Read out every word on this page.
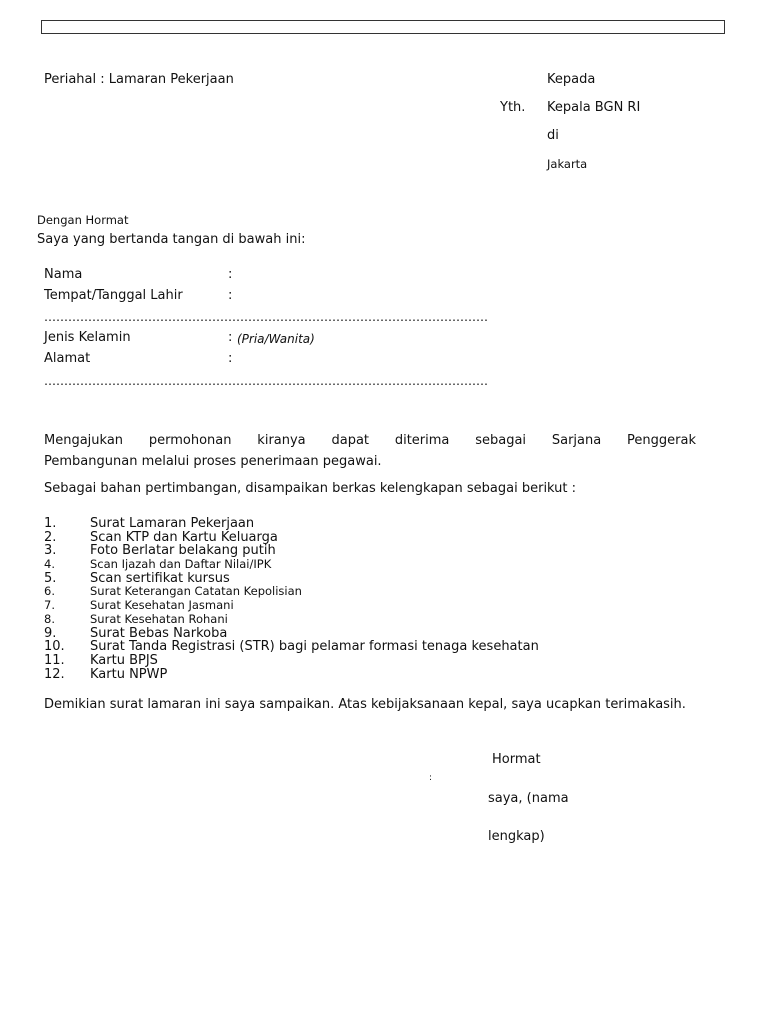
Periahal : Lamaran Pekerjaan	Kepada
Yth. Kepala BGN RI
di
Jakarta
Dengan Hormat
Saya yang bertanda tangan di bawah ini:
Nama	:
Tempat/Tanggal Lahir	:
…………………………………………………………………………………………………
Jenis Kelamin	: (Pria/Wanita)
Alamat	:
…………………………………………………………………………………………………
Mengajukan permohonan kiranya dapat diterima sebagai Sarjana Penggerak
Pembangunan melalui proses penerimaan pegawai.
Sebagai bahan pertimbangan, disampaikan berkas kelengkapan sebagai berikut :
1.	Surat Lamaran Pekerjaan
2.	Scan KTP dan Kartu Keluarga
3.	Foto Berlatar belakang putih
4.	Scan Ijazah dan Daftar Nilai/IPK
5.	Scan sertifikat kursus
6.	Surat Keterangan Catatan Kepolisian
7.	Surat Kesehatan Jasmani
8.	Surat Kesehatan Rohani
9.	Surat Bebas Narkoba
10. Surat Tanda Registrasi (STR) bagi pelamar formasi tenaga kesehatan
11. Kartu BPJS
12. Kartu NPWP
Demikian surat lamaran ini saya sampaikan. Atas kebijaksanaan kepal, saya ucapkan terimakasih.
Hormat
:
saya, (nama
lengkap)
